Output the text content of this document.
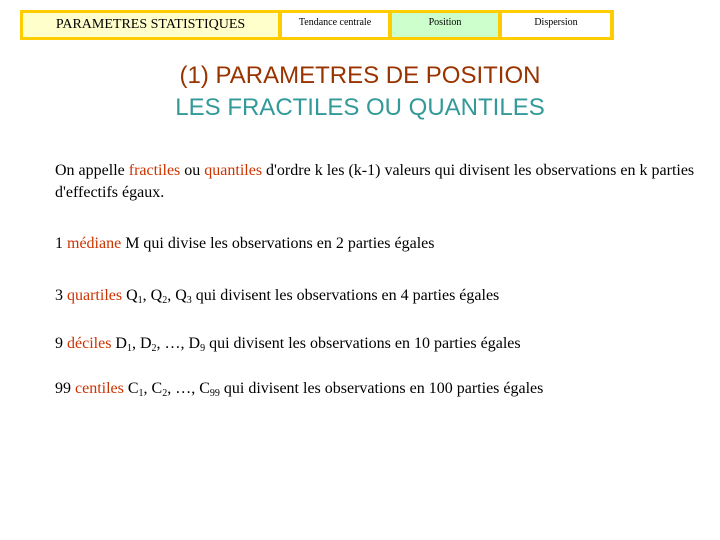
PARAMETRES STATISTIQUES	Tendance centrale	Position	Dispersion
(1) PARAMETRES DE POSITION
LES FRACTILES OU QUANTILES
On appelle fractiles ou quantiles d'ordre k les (k-1) valeurs qui divisent les observations en k parties d'effectifs égaux.
1 médiane M qui divise les observations en 2 parties égales
3 quartiles $Q_1$, $Q_2$, $Q_3$ qui divisent les observations en 4 parties égales
9 déciles $D_1$, $D_2$, …, $D_9$ qui divisent les observations en 10 parties égales
99 centiles $C_1$, $C_2$, …, $C_{99}$ qui divisent les observations en 100 parties égales
